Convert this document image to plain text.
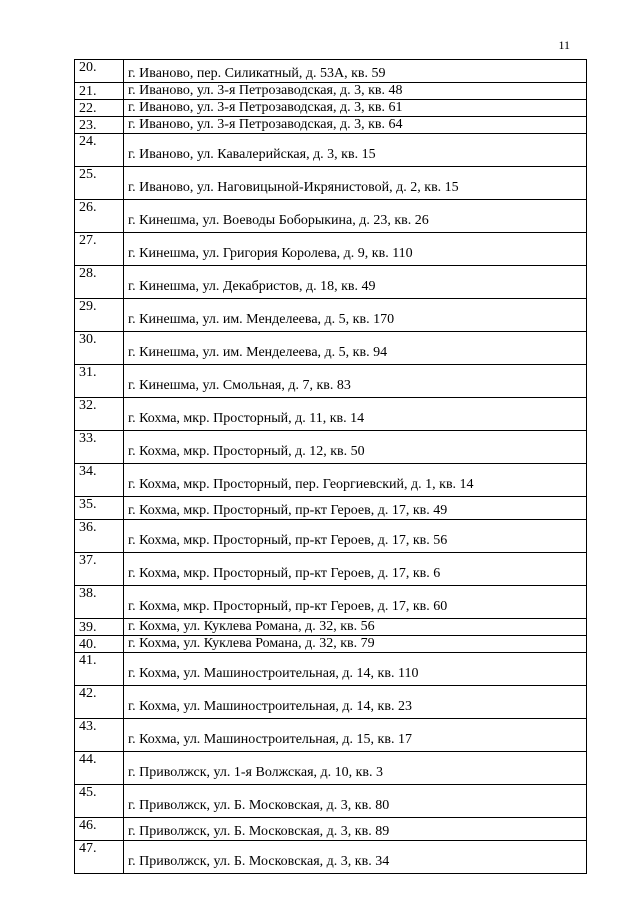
11
20.	г. Иваново, пер. Силикатный, д. 53А, кв. 59
21.	г. Иваново, ул. 3-я Петрозаводская, д. 3, кв. 48
22.	г. Иваново, ул. 3-я Петрозаводская, д. 3, кв. 61
23.	г. Иваново, ул. 3-я Петрозаводская, д. 3, кв. 64
24.	г. Иваново, ул. Кавалерийская, д. 3, кв. 15
25.	г. Иваново, ул. Наговицыной-Икрянистовой, д. 2, кв. 15
26.	г. Кинешма, ул. Воеводы Боборыкина, д. 23, кв. 26
27.	г. Кинешма, ул. Григория Королева, д. 9, кв. 110
28.	г. Кинешма, ул. Декабристов, д. 18, кв. 49
29.	г. Кинешма, ул. им. Менделеева, д. 5, кв. 170
30.	г. Кинешма, ул. им. Менделеева, д. 5, кв. 94
31.	г. Кинешма, ул. Смольная, д. 7, кв. 83
32.	г. Кохма, мкр. Просторный, д. 11, кв. 14
33.	г. Кохма, мкр. Просторный, д. 12, кв. 50
34.	г. Кохма, мкр. Просторный, пер. Георгиевский, д. 1, кв. 14
35.	г. Кохма, мкр. Просторный, пр-кт Героев, д. 17, кв. 49
36.	г. Кохма, мкр. Просторный, пр-кт Героев, д. 17, кв. 56
37.	г. Кохма, мкр. Просторный, пр-кт Героев, д. 17, кв. 6
38.	г. Кохма, мкр. Просторный, пр-кт Героев, д. 17, кв. 60
39.	г. Кохма, ул. Куклева Романа, д. 32, кв. 56
40.	г. Кохма, ул. Куклева Романа, д. 32, кв. 79
41.	г. Кохма, ул. Машиностроительная, д. 14, кв. 110
42.	г. Кохма, ул. Машиностроительная, д. 14, кв. 23
43.	г. Кохма, ул. Машиностроительная, д. 15, кв. 17
44.	г. Приволжск, ул. 1-я Волжская, д. 10, кв. 3
45.	г. Приволжск, ул. Б. Московская, д. 3, кв. 80
46.	г. Приволжск, ул. Б. Московская, д. 3, кв. 89
47.	г. Приволжск, ул. Б. Московская, д. 3, кв. 34
